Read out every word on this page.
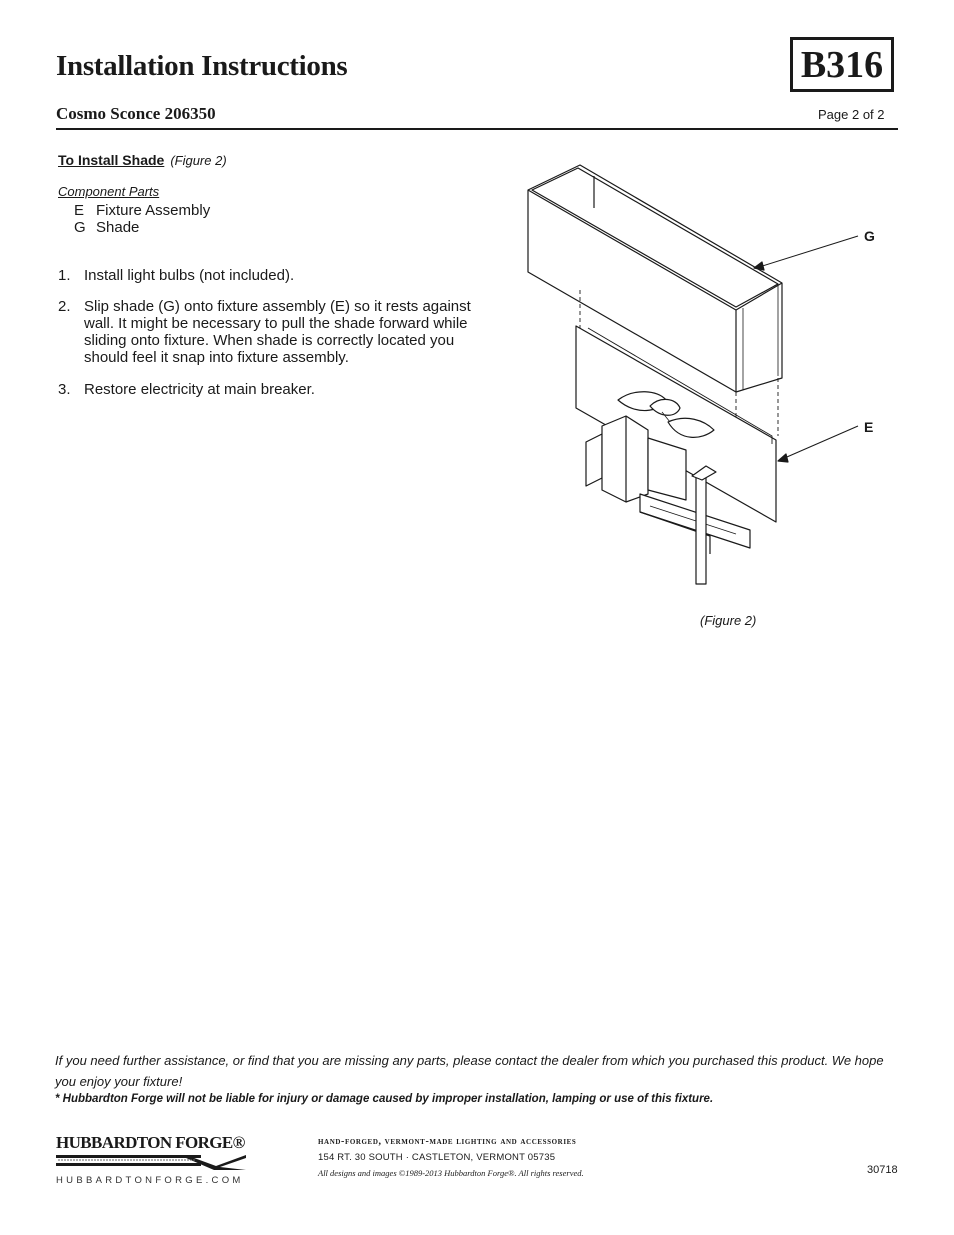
Installation Instructions	B316
Cosmo Sconce 206350	Page 2 of 2
To Install Shade (Figure 2)
Component Parts
E Fixture Assembly
G Shade
1. Install light bulbs (not included).
2. Slip shade (G) onto fixture assembly (E) so it rests against wall. It might be necessary to pull the shade forward while sliding onto fixture. When shade is correctly located you should feel it snap into fixture assembly.
3. Restore electricity at main breaker.
G
E
(Figure 2)
If you need further assistance, or find that you are missing any parts, please contact the dealer from which you purchased this product. We hope you enjoy your fixture!
* Hubbardton Forge will not be liable for injury or damage caused by improper installation, lamping or use of this fixture.
HUBBARDTON FORGE®
HUBBARDTONFORGE.COM
hand-forged, vermont-made lighting and accessories
154 RT. 30 SOUTH · CASTLETON, VERMONT 05735
All designs and images ©1989-2013 Hubbardton Forge®. All rights reserved.	30718
